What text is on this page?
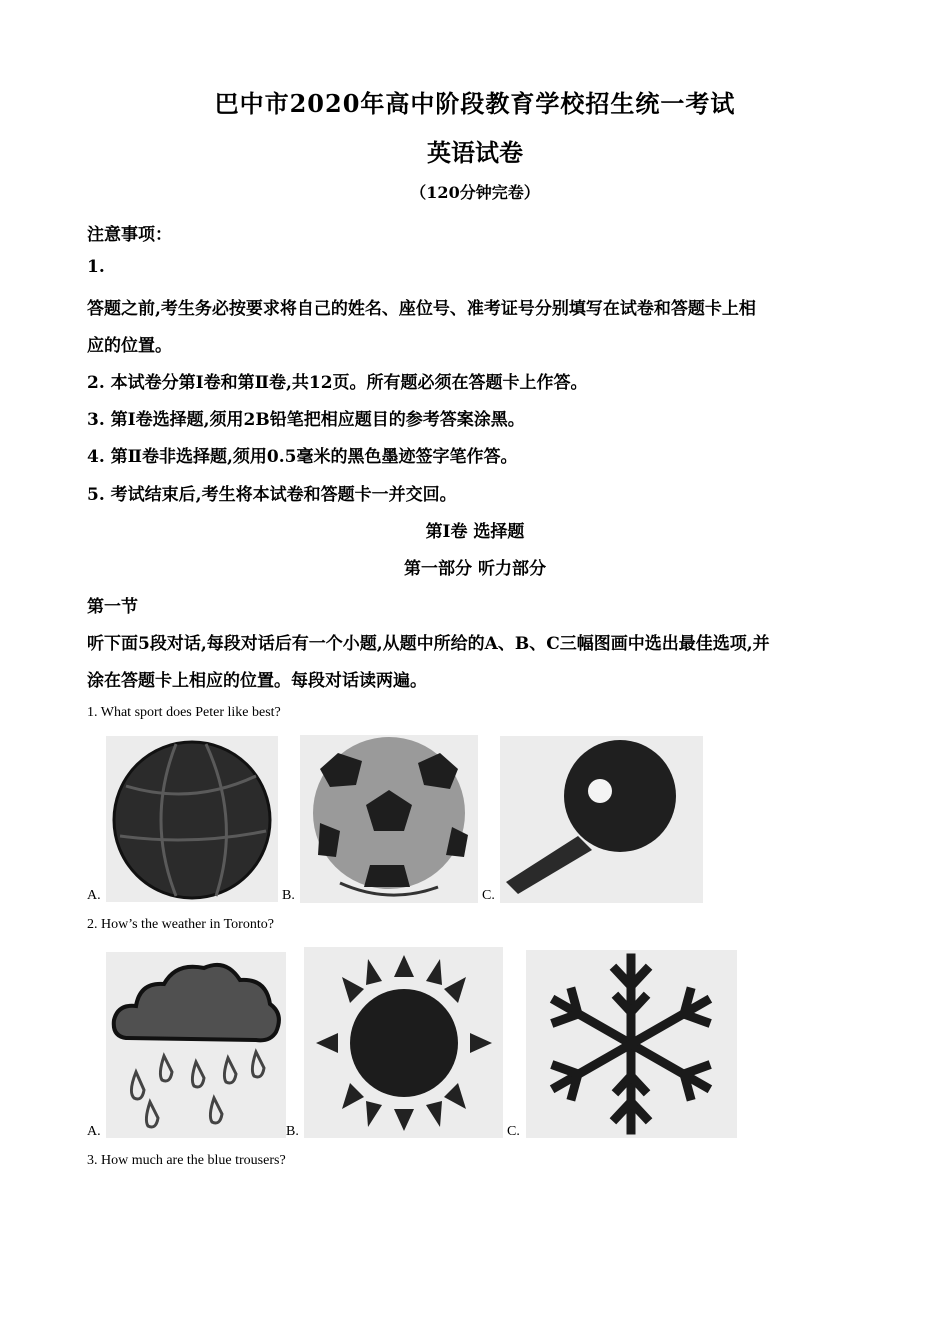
巴中市2020年高中阶段教育学校招生统一考试
英语试卷
（120分钟完卷）
注意事项：
1.
答题之前,考生务必按要求将自己的姓名、座位号、准考证号分别填写在试卷和答题卡上相
应的位置。
2. 本试卷分第Ⅰ卷和第Ⅱ卷,共12页。所有题必须在答题卡上作答。
3. 第Ⅰ卷选择题,须用2B铅笔把相应题目的参考答案涂黑。
4. 第Ⅱ卷非选择题,须用0.5毫米的黑色墨迹签字笔作答。
5. 考试结束后,考生将本试卷和答题卡一并交回。
第Ⅰ卷 选择题
第一部分 听力部分
第一节
听下面5段对话,每段对话后有一个小题,从题中所给的A、B、C三幅图画中选出最佳选项,并
涂在答题卡上相应的位置。每段对话读两遍。
1. What sport does Peter like best?
A.	B.	C.
2. How’s the weather in Toronto?
A.	B.	C.
3. How much are the blue trousers?
